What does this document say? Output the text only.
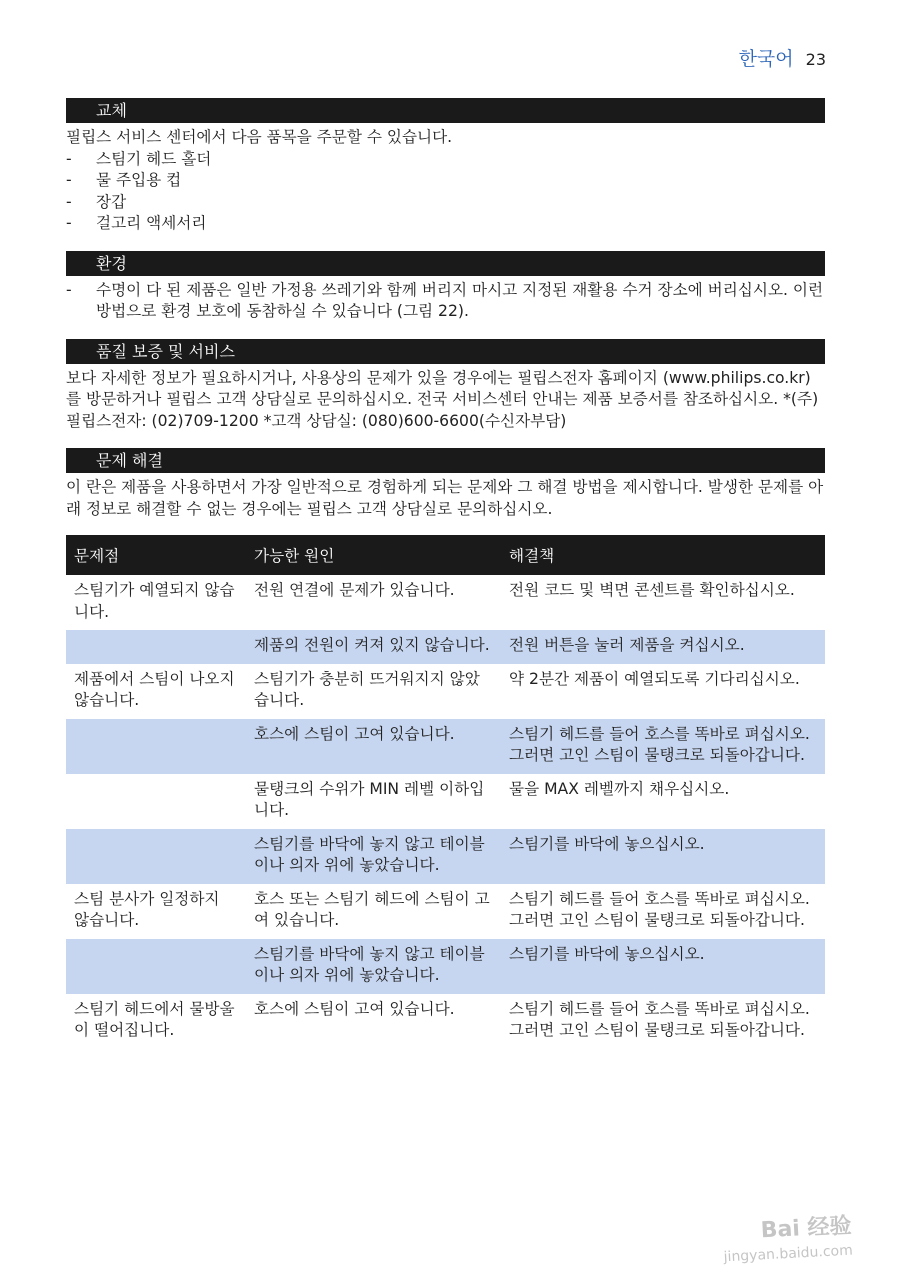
한국어 23
교체

필립스 서비스 센터에서 다음 품목을 주문할 수 있습니다.

- 스팀기 헤드 홀더
- 물 주입용 컵
- 장갑
- 걸고리 액세서리
환경
- 수명이 다 된 제품은 일반 가정용 쓰레기와 함께 버리지 마시고 지정된 재활용 수거 장소에 버리십시오. 이런 방법으로 환경 보호에 동참하실 수 있습니다 (그림 22).
품질 보증 및 서비스

보다 자세한 정보가 필요하시거나, 사용상의 문제가 있을 경우에는 필립스전자 홈페이지 (www.philips.co.kr)를 방문하거나 필립스 고객 상담실로 문의하십시오. 전국 서비스센터 안내는 제품 보증서를 참조하십시오. *(주)필립스전자: (02)709-1200 *고객 상담실: (080)600-6600(수신자부담)

문제 해결

이 란은 제품을 사용하면서 가장 일반적으로 경험하게 되는 문제와 그 해결 방법을 제시합니다. 발생한 문제를 아래 정보로 해결할 수 없는 경우에는 필립스 고객 상담실로 문의하십시오.

문제점	가능한 원인	해결책
스팀기가 예열되지 않습니다.	전원 연결에 문제가 있습니다.	전원 코드 및 벽면 콘센트를 확인하십시오.
	제품의 전원이 켜져 있지 않습니다.	전원 버튼을 눌러 제품을 켜십시오.
제품에서 스팀이 나오지 않습니다.	스팀기가 충분히 뜨거워지지 않았습니다.	약 2분간 제품이 예열되도록 기다리십시오.
	호스에 스팀이 고여 있습니다.	스팀기 헤드를 들어 호스를 똑바로 펴십시오. 그러면 고인 스팀이 물탱크로 되돌아갑니다.
	물탱크의 수위가 MIN 레벨 이하입니다.	물을 MAX 레벨까지 채우십시오.
	스팀기를 바닥에 놓지 않고 테이블이나 의자 위에 놓았습니다.	스팀기를 바닥에 놓으십시오.
스팀 분사가 일정하지 않습니다.	호스 또는 스팀기 헤드에 스팀이 고여 있습니다.	스팀기 헤드를 들어 호스를 똑바로 펴십시오. 그러면 고인 스팀이 물탱크로 되돌아갑니다.
	스팀기를 바닥에 놓지 않고 테이블이나 의자 위에 놓았습니다.	스팀기를 바닥에 놓으십시오.
스팀기 헤드에서 물방울이 떨어집니다.	호스에 스팀이 고여 있습니다.	스팀기 헤드를 들어 호스를 똑바로 펴십시오. 그러면 고인 스팀이 물탱크로 되돌아갑니다.
Bai 经验
jingyan.baidu.com
